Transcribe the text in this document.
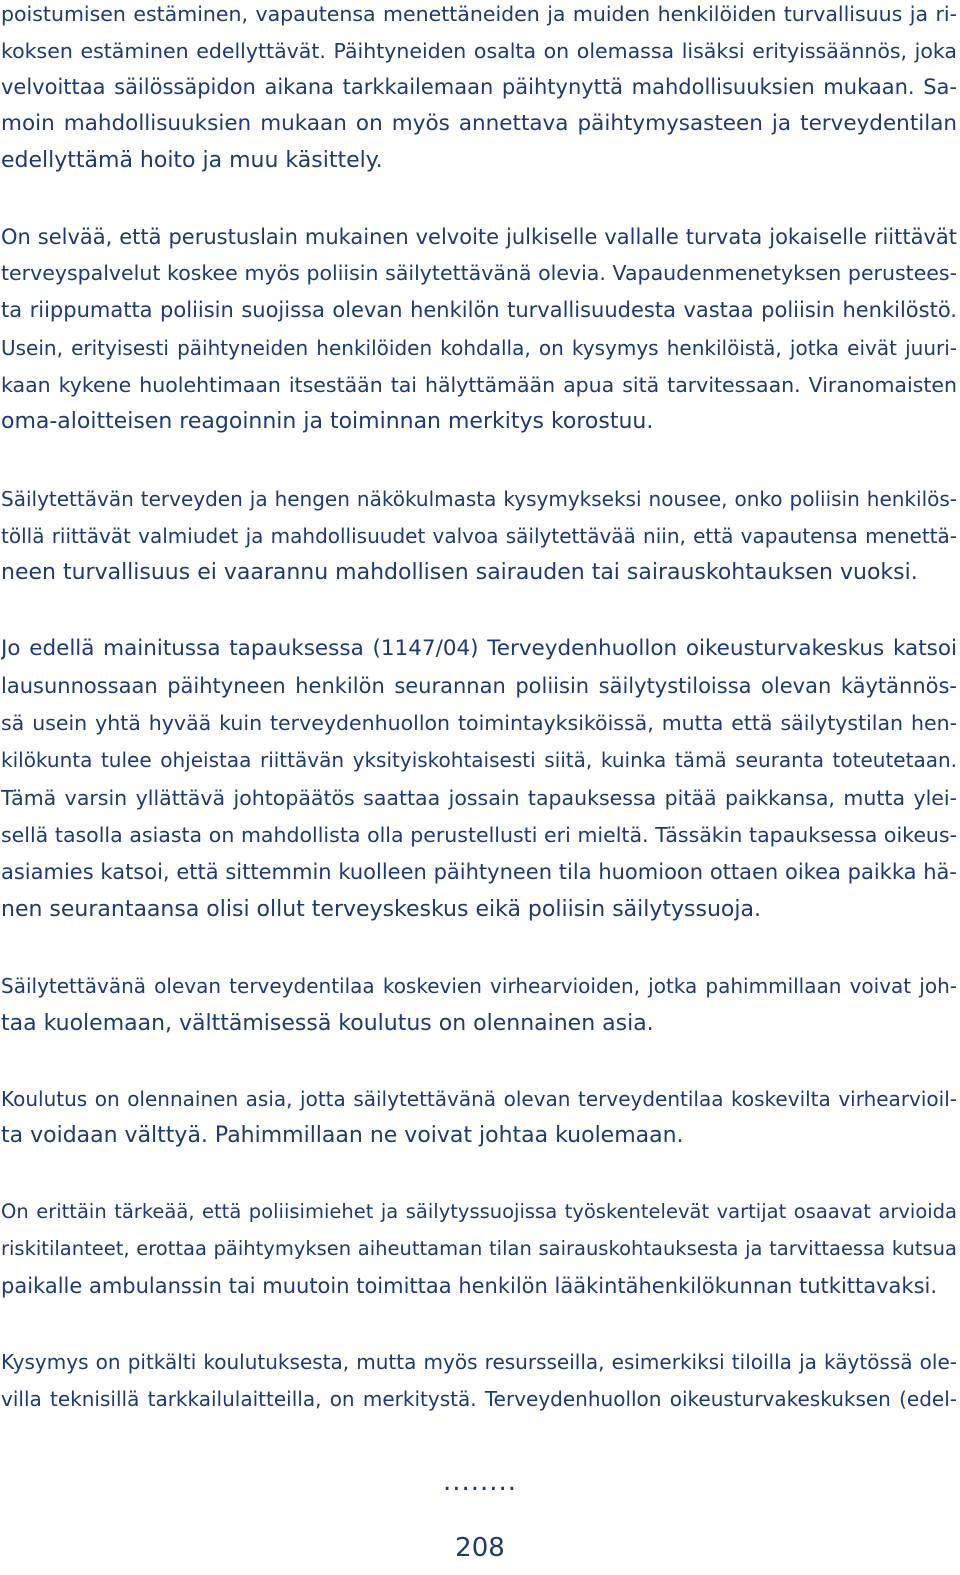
poistumisen estäminen, vapautensa menettäneiden ja muiden henkilöiden turvallisuus ja ri-
koksen estäminen edellyttävät. Päihtyneiden osalta on olemassa lisäksi erityissäännös, joka
velvoittaa säilössäpidon aikana tarkkailemaan päihtynyttä mahdollisuuksien mukaan. Sa-
moin mahdollisuuksien mukaan on myös annettava päihtymysasteen ja terveydentilan
edellyttämä hoito ja muu käsittely.
On selvää, että perustuslain mukainen velvoite julkiselle vallalle turvata jokaiselle riittävät
terveyspalvelut koskee myös poliisin säilytettävänä olevia. Vapaudenmenetyksen perustees-
ta riippumatta poliisin suojissa olevan henkilön turvallisuudesta vastaa poliisin henkilöstö.
Usein, erityisesti päihtyneiden henkilöiden kohdalla, on kysymys henkilöistä, jotka eivät juuri-
kaan kykene huolehtimaan itsestään tai hälyttämään apua sitä tarvitessaan. Viranomaisten
oma-aloitteisen reagoinnin ja toiminnan merkitys korostuu.
Säilytettävän terveyden ja hengen näkökulmasta kysymykseksi nousee, onko poliisin henkilös-
töllä riittävät valmiudet ja mahdollisuudet valvoa säilytettävää niin, että vapautensa menettä-
neen turvallisuus ei vaarannu mahdollisen sairauden tai sairauskohtauksen vuoksi.
Jo edellä mainitussa tapauksessa (1147/04) Terveydenhuollon oikeusturvakeskus katsoi
lausunnossaan päihtyneen henkilön seurannan poliisin säilytystiloissa olevan käytännös-
sä usein yhtä hyvää kuin terveydenhuollon toimintayksiköissä, mutta että säilytystilan hen-
kilökunta tulee ohjeistaa riittävän yksityiskohtaisesti siitä, kuinka tämä seuranta toteutetaan.
Tämä varsin yllättävä johtopäätös saattaa jossain tapauksessa pitää paikkansa, mutta ylei-
sellä tasolla asiasta on mahdollista olla perustellusti eri mieltä. Tässäkin tapauksessa oikeus-
asiamies katsoi, että sittemmin kuolleen päihtyneen tila huomioon ottaen oikea paikka hä-
nen seurantaansa olisi ollut terveyskeskus eikä poliisin säilytyssuoja.
Säilytettävänä olevan terveydentilaa koskevien virhearvioiden, jotka pahimmillaan voivat joh-
taa kuolemaan, välttämisessä koulutus on olennainen asia.
Koulutus on olennainen asia, jotta säilytettävänä olevan terveydentilaa koskevilta virhearvioil-
ta voidaan välttyä. Pahimmillaan ne voivat johtaa kuolemaan.
On erittäin tärkeää, että poliisimiehet ja säilytyssuojissa työskentelevät vartijat osaavat arvioida
riskitilanteet, erottaa päihtymyksen aiheuttaman tilan sairauskohtauksesta ja tarvittaessa kutsua
paikalle ambulanssin tai muutoin toimittaa henkilön lääkintähenkilökunnan tutkittavaksi.
Kysymys on pitkälti koulutuksesta, mutta myös resursseilla, esimerkiksi tiloilla ja käytössä ole-
villa teknisillä tarkkailulaitteilla, on merkitystä. Terveydenhuollon oikeusturvakeskuksen (edel-
........
208
